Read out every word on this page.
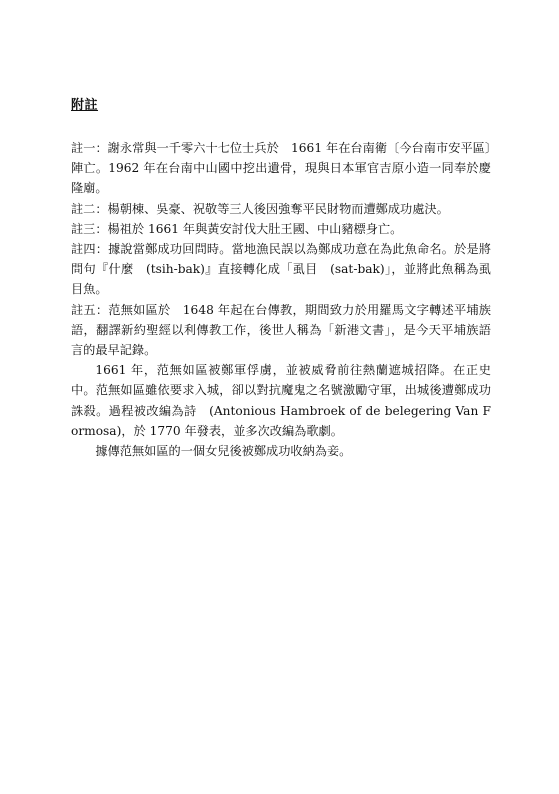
附註

註一：謝永常與一千零六十七位士兵於　1661 年在台南衛〔今台南市安平區〕陣亡。1962 年在台南中山國中挖出遺骨，現與日本軍官吉原小造一同奉於慶隆廟。

註二：楊朝棟、吳豪、祝敬等三人後因強奪平民財物而遭鄭成功處決。

註三：楊祖於 1661 年與黃安討伐大肚王國、中山豬標身亡。

註四：據說當鄭成功回問時。當地漁民誤以為鄭成功意在為此魚命名。於是將問句『什麼　(tsih-bak)』直接轉化成「虱目　(sat-bak)」，並將此魚稱為虱目魚。

註五：范無如區於　1648 年起在台傳教，期間致力於用羅馬文字轉述平埔族語，翻譯新約聖經以利傳教工作，後世人稱為「新港文書」，是今天平埔族語言的最早記錄。

1661 年，范無如區被鄭軍俘虜，並被威脅前往熱蘭遮城招降。在正史中。范無如區雖依要求入城，卻以對抗魔鬼之名號激勵守軍，出城後遭鄭成功誅殺。過程被改編為詩　(Antonious Hambroek of de belegering Van Formosa)，於 1770 年發表，並多次改編為歌劇。

據傳范無如區的一個女兒後被鄭成功收納為妾。
